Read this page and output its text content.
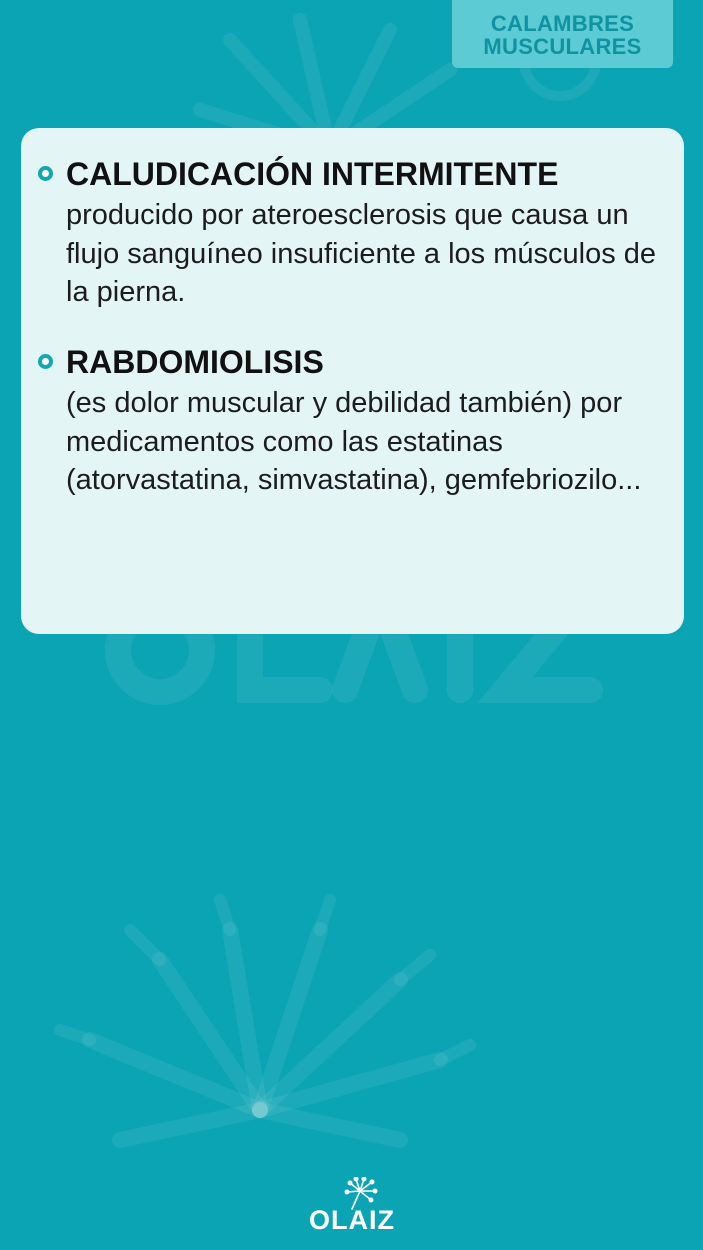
CALAMBRES
MUSCULARES
CALUDICACIÓN INTERMITENTE

producido por ateroesclerosis que causa un flujo sanguíneo insuficiente a los músculos de la pierna.

RABDOMIOLISIS

(es dolor muscular y debilidad también) por medicamentos como las estatinas (atorvastatina, simvastatina), gemfebriozilo...

OLAIZ
